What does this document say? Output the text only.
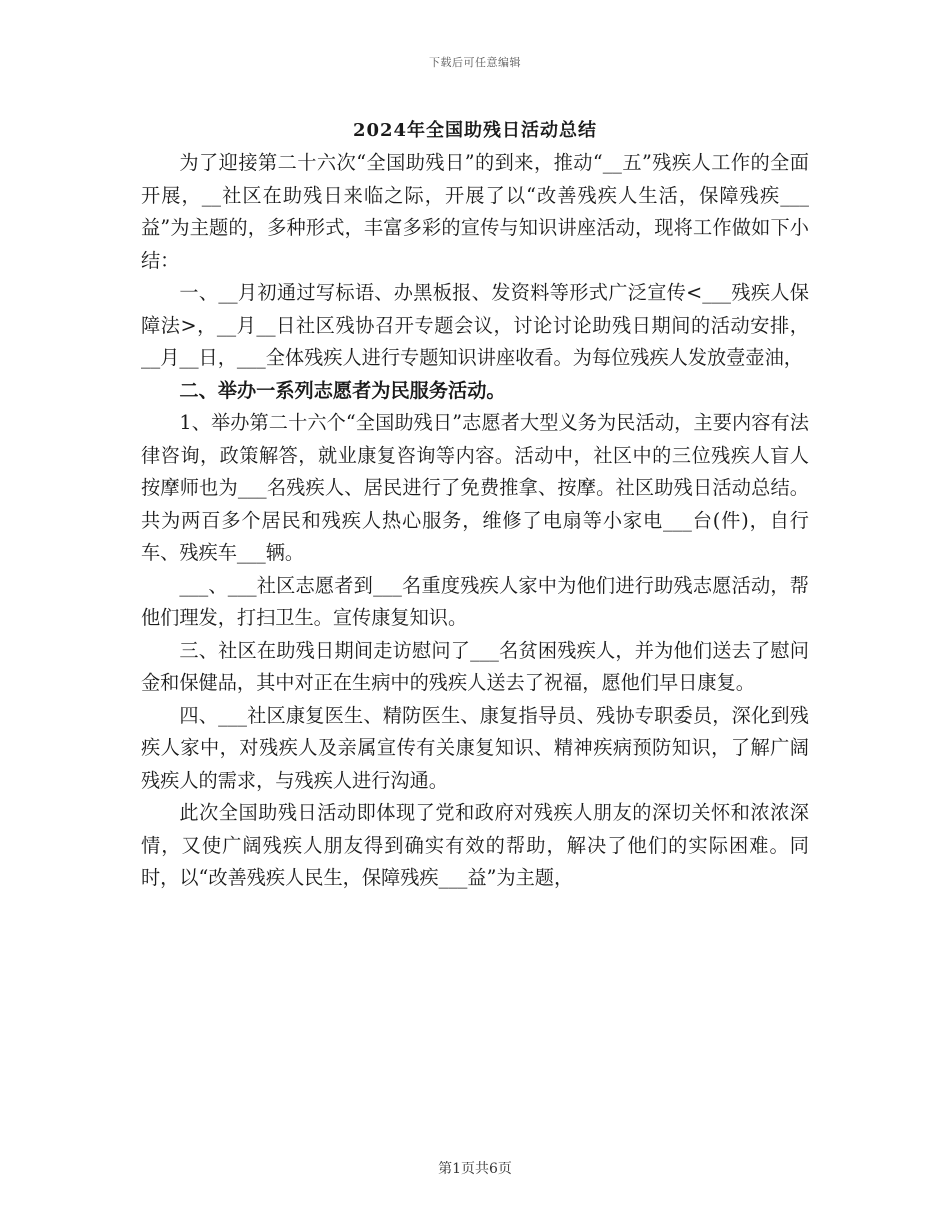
下载后可任意编辑
2024年全国助残日活动总结

为了迎接第二十六次“全国助残日”的到来，推动“__五”残疾人工作的全面开展，__社区在助残日来临之际，开展了以“改善残疾人生活，保障残疾___益”为主题的，多种形式，丰富多彩的宣传与知识讲座活动，现将工作做如下小结：

一、__月初通过写标语、办黑板报、发资料等形式广泛宣传<___残疾人保障法>，__月__日社区残协召开专题会议，讨论讨论助残日期间的活动安排，__月__日，___全体残疾人进行专题知识讲座收看。为每位残疾人发放壹壶油，

二、举办一系列志愿者为民服务活动。

1、举办第二十六个“全国助残日”志愿者大型义务为民活动，主要内容有法律咨询，政策解答，就业康复咨询等内容。活动中，社区中的三位残疾人盲人按摩师也为___名残疾人、居民进行了免费推拿、按摩。社区助残日活动总结。共为两百多个居民和残疾人热心服务，维修了电扇等小家电___台(件)，自行车、残疾车___辆。

___、___社区志愿者到___名重度残疾人家中为他们进行助残志愿活动，帮他们理发，打扫卫生。宣传康复知识。

三、社区在助残日期间走访慰问了___名贫困残疾人，并为他们送去了慰问金和保健品，其中对正在生病中的残疾人送去了祝福，愿他们早日康复。

四、___社区康复医生、精防医生、康复指导员、残协专职委员，深化到残疾人家中，对残疾人及亲属宣传有关康复知识、精神疾病预防知识，了解广阔残疾人的需求，与残疾人进行沟通。

此次全国助残日活动即体现了党和政府对残疾人朋友的深切关怀和浓浓深情，又使广阔残疾人朋友得到确实有效的帮助，解决了他们的实际困难。同时，以“改善残疾人民生，保障残疾___益”为主题，

第1页共6页
